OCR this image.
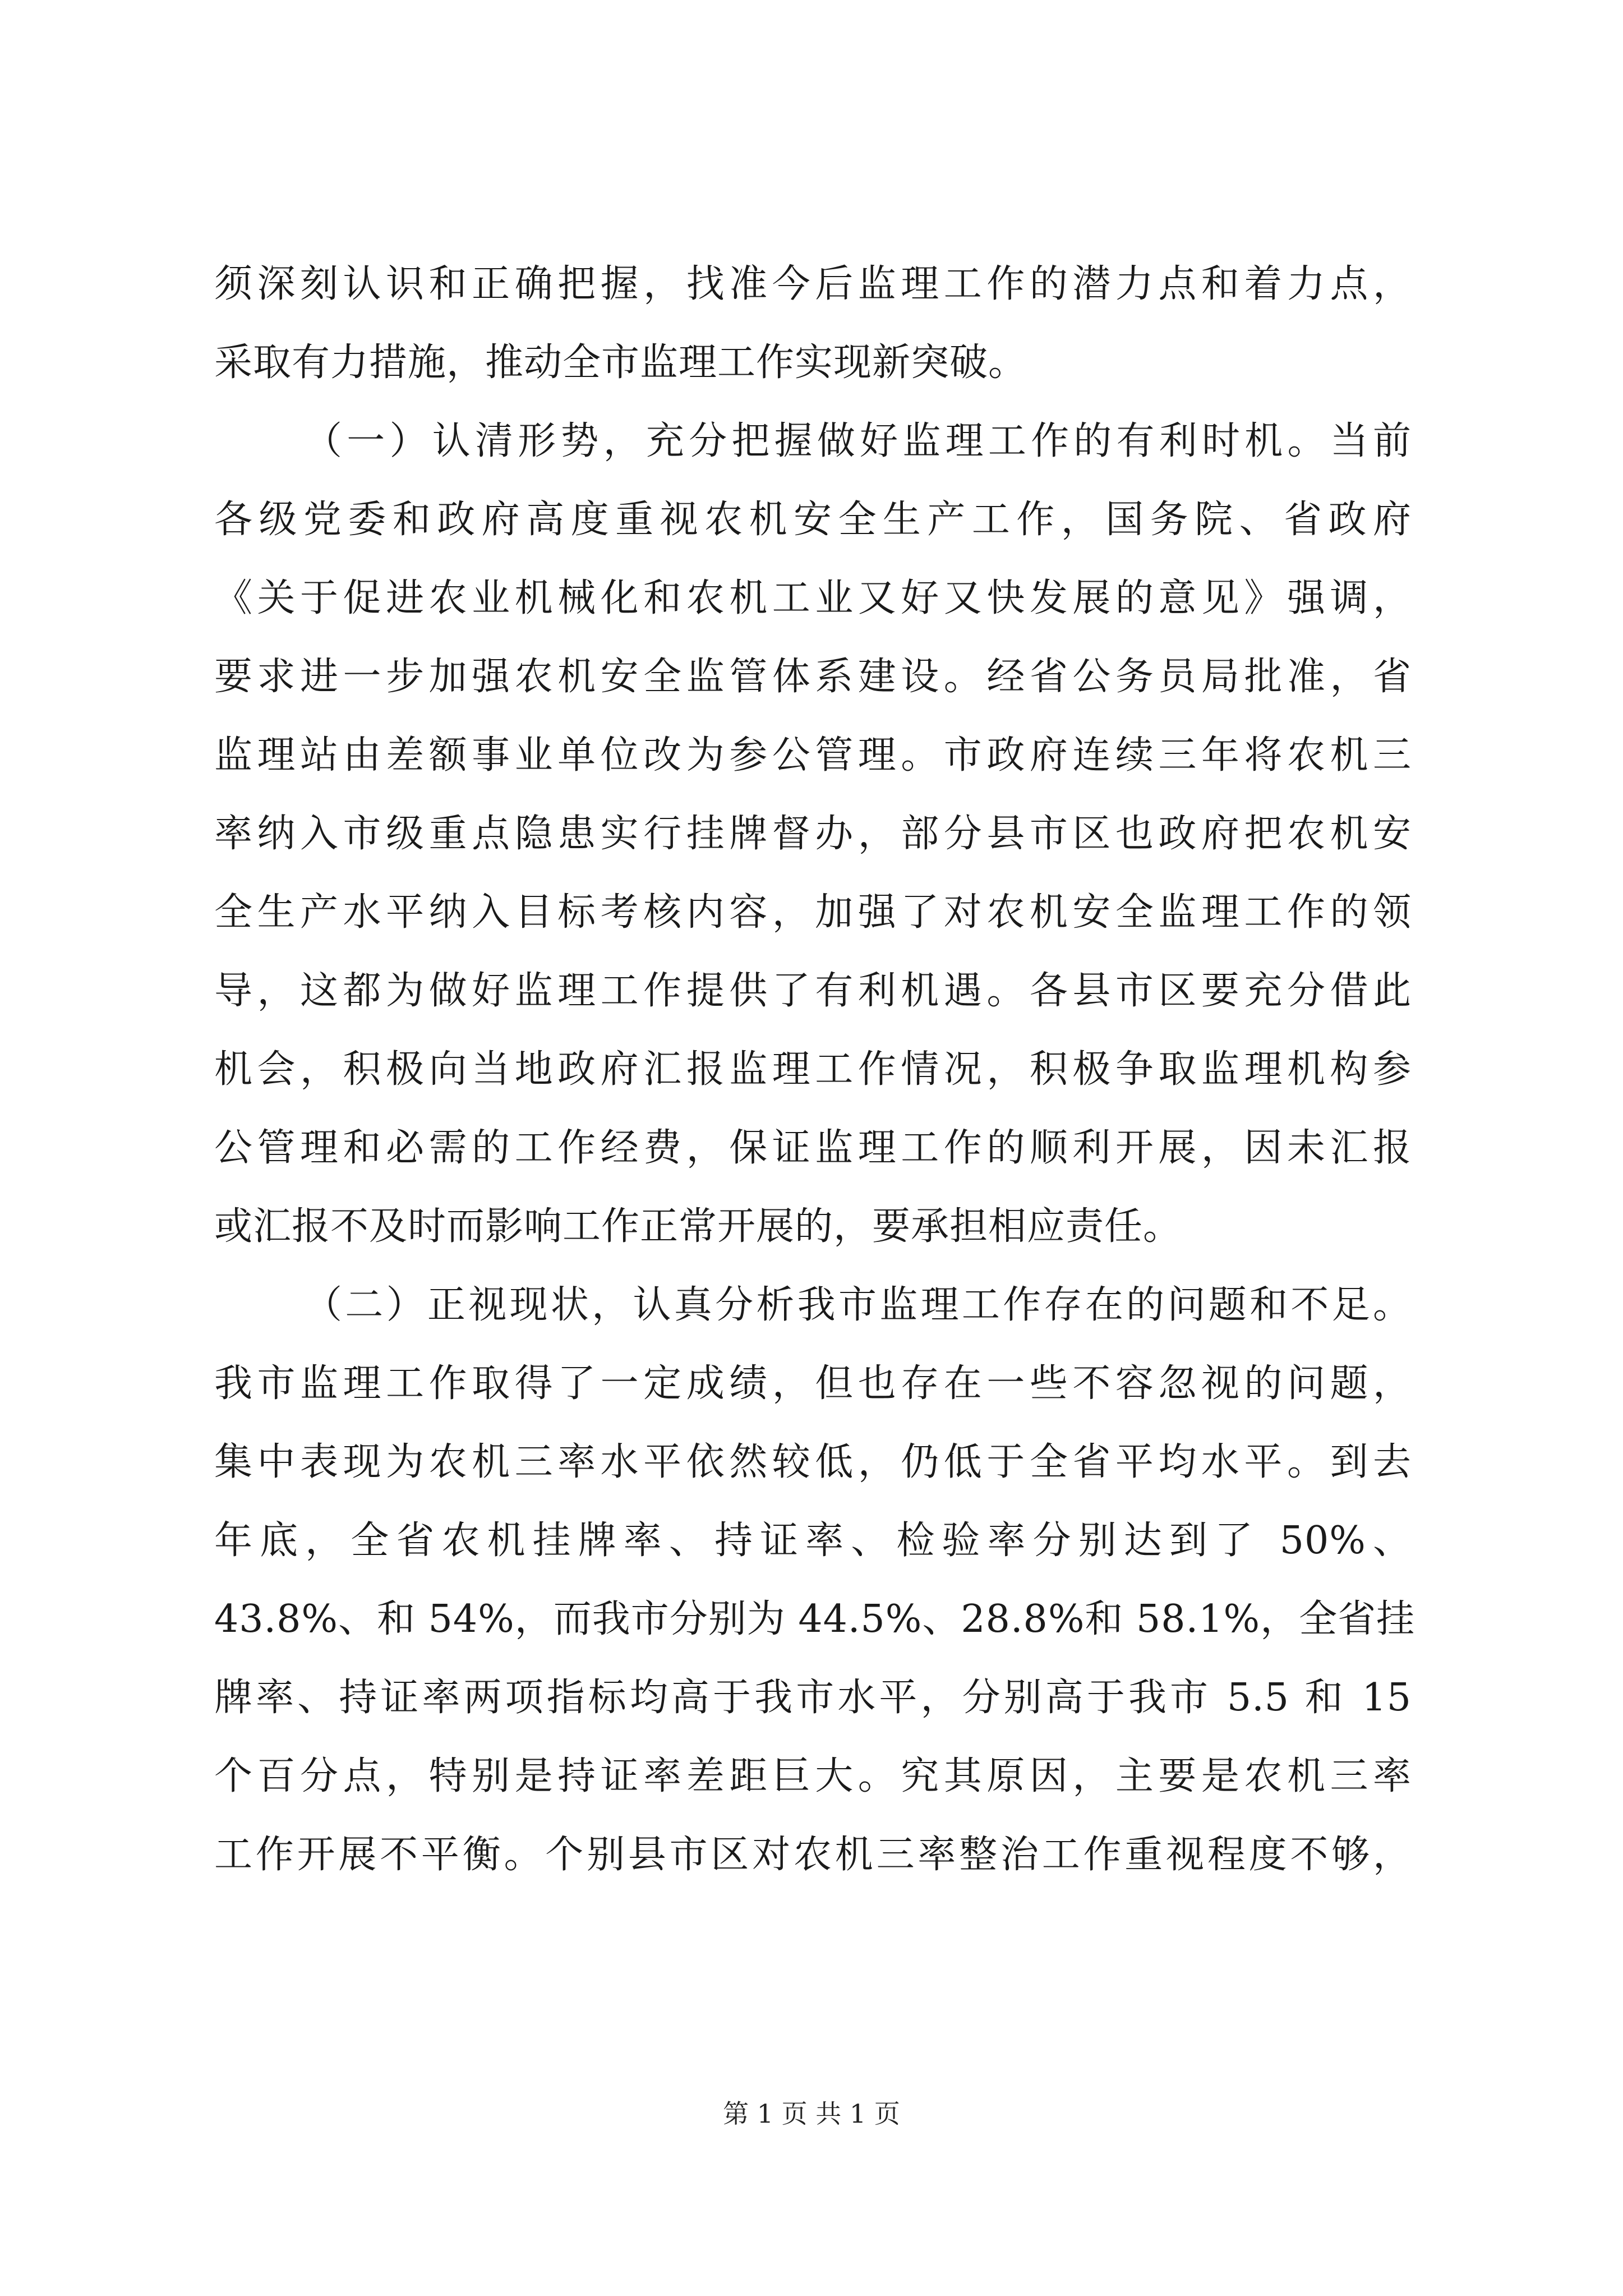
须深刻认识和正确把握，找准今后监理工作的潜力点和着力点，
采取有力措施，推动全市监理工作实现新突破。
（一）认清形势，充分把握做好监理工作的有利时机。当前
各级党委和政府高度重视农机安全生产工作，国务院、省政府
《关于促进农业机械化和农机工业又好又快发展的意见》强调，
要求进一步加强农机安全监管体系建设。经省公务员局批准，省
监理站由差额事业单位改为参公管理。市政府连续三年将农机三
率纳入市级重点隐患实行挂牌督办，部分县市区也政府把农机安
全生产水平纳入目标考核内容，加强了对农机安全监理工作的领
导，这都为做好监理工作提供了有利机遇。各县市区要充分借此
机会，积极向当地政府汇报监理工作情况，积极争取监理机构参
公管理和必需的工作经费，保证监理工作的顺利开展，因未汇报
或汇报不及时而影响工作正常开展的，要承担相应责任。
（二）正视现状，认真分析我市监理工作存在的问题和不足。
我市监理工作取得了一定成绩，但也存在一些不容忽视的问题，
集中表现为农机三率水平依然较低，仍低于全省平均水平。到去
年底，全省农机挂牌率、持证率、检验率分别达到了 50%、
43.8%、和 54%，而我市分别为 44.5%、28.8%和 58.1%，全省挂
牌率、持证率两项指标均高于我市水平，分别高于我市 5.5 和 15
个百分点，特别是持证率差距巨大。究其原因，主要是农机三率
工作开展不平衡。个别县市区对农机三率整治工作重视程度不够，
第 1 页 共 1 页
